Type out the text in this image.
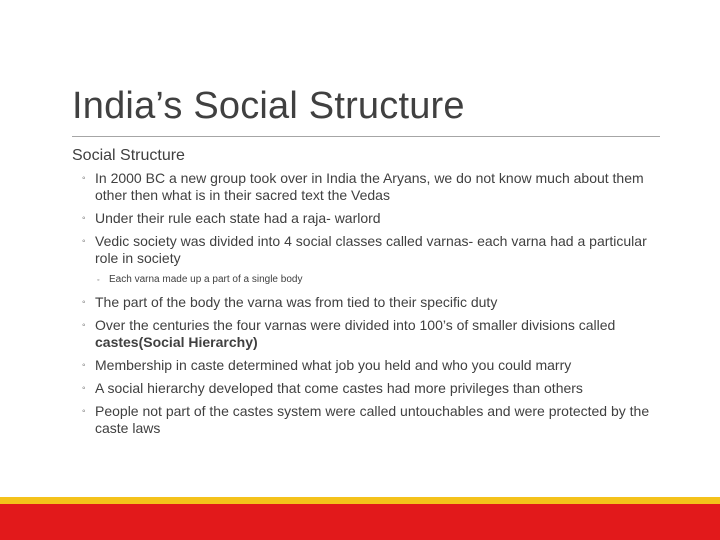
India’s Social Structure
Social Structure
◦ In 2000 BC a new group took over in India the Aryans, we do not know much about them other then what is in their sacred text the Vedas
◦ Under their rule each state had a raja- warlord
◦ Vedic society was divided into 4 social classes called varnas- each varna had a particular role in society
◦ Each varna made up a part of a single body
◦ The part of the body the varna was from tied to their specific duty
◦ Over the centuries the four varnas were divided into 100’s of smaller divisions called castes(Social Hierarchy)
◦ Membership in caste determined what job you held and who you could marry
◦ A social hierarchy developed that come castes had more privileges than others
◦ People not part of the castes system were called untouchables and were protected by the caste laws
